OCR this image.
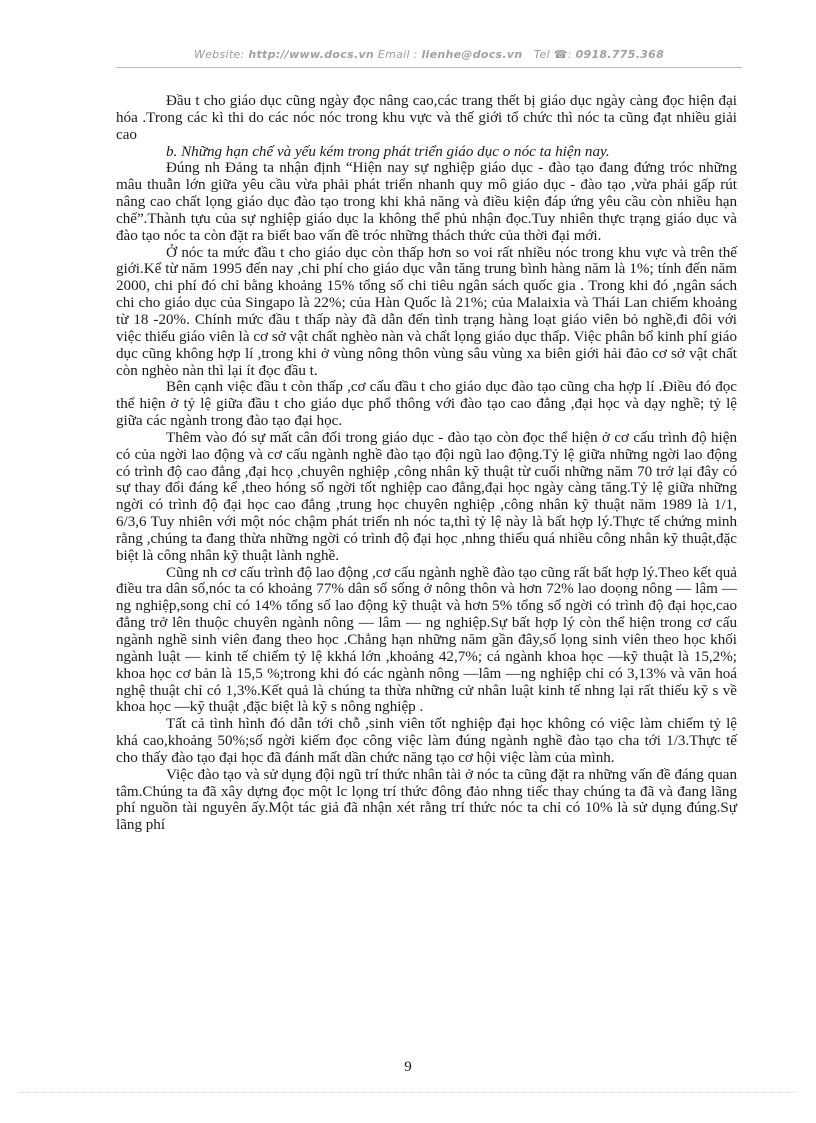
Website: http://www.docs.vn Email : lienhe@docs.vn Tel ☎: 0918.775.368

Đầu t cho giáo dục cũng ngày đọc nâng cao,các trang thết bị giáo dục ngày càng đọc hiện đại hóa .Trong các kì thi do các nóc nóc trong khu vực và thế giới tổ chức thì nóc ta cũng đạt nhiều giải cao

b. Những hạn chế và yếu kém trong phát triển giáo dục o nóc ta hiện nay.

Đúng nh Đảng ta nhận định “Hiện nay sự nghiệp giáo dục - đào tạo đang đứng tróc những mâu thuẫn lớn giữa yêu cầu vừa phải phát triển nhanh quy mô giáo dục - đào tạo ,vừa phải gấp rút nâng cao chất lọng giáo dục đào tạo trong khi khả năng và điều kiện đáp ứng yêu cầu còn nhiều hạn chế”.Thành tựu của sự nghiệp giáo dục la không thể phủ nhận đọc.Tuy nhiên thực trạng giáo dục và đào tạo nóc ta còn đặt ra biết bao vấn đề tróc những thách thức của thời đại mới.

Ở nóc ta mức đầu t cho giáo dục còn thấp hơn so voi rất nhiều nóc trong khu vực và trên thế giới.Kể từ năm 1995 đến nay ,chi phí cho giáo dục vẫn tăng trung bình hàng năm là 1%; tính đến năm 2000, chi phí đó chỉ bằng khoảng 15% tổng số chi tiêu ngân sách quốc gia . Trong khi đó ,ngân sách chi cho giáo dục của Singapo là 22%; của Hàn Quốc là 21%; của Malaixia và Thái Lan chiếm khoảng từ 18 -20%. Chính mức đầu t thấp này đã dẫn đến tình trạng hàng loạt giáo viên bỏ nghề,đi đôi với việc thiếu giáo viên là cơ sở vật chất nghèo nàn và chất lọng giáo dục thấp. Việc phân bổ kinh phí giáo dục cũng không hợp lí ,trong khi ở vùng nông thôn vùng sâu vùng xa biên giới hải đảo cơ sở vật chất còn nghèo nàn thì lại ít đọc đầu t.

Bên cạnh việc đầu t còn thấp ,cơ cấu đầu t cho giáo dục đào tạo cũng cha hợp lí .Điều đó đọc thể hiện ở tỷ lệ giữa đầu t cho giáo dục phổ thông với đào tạo cao đẳng ,đại học và dạy nghề; tỷ lệ giữa các ngành trong đào tạo đại học.

Thêm vào đó sự mất cân đối trong giáo dục - đào tạo còn đọc thể hiện ở cơ cấu trình độ hiện có của ngời lao động và cơ cấu ngành nghề đào tạo đội ngũ lao động.Tỷ lệ giữa những ngời lao động có trình độ cao đẳng ,đại hcọ ,chuyên nghiệp ,công nhân kỹ thuật từ cuối những năm 70 trở lại đây có sự thay đổi đáng kể ,theo hóng số ngời tốt nghiệp cao đẳng,đại học ngày càng tăng.Tỷ lệ giữa những ngời có trình độ đại học cao đẳng ,trung học chuyên nghiệp ,công nhân kỹ thuật năm 1989 là 1/1, 6/3,6 Tuy nhiên với một nóc chậm phát triển nh nóc ta,thì tỷ lệ này là bất hợp lý.Thực tế chứng minh rằng ,chúng ta đang thừa những ngời có trình độ đại học ,nhng thiếu quá nhiều công nhân kỹ thuật,đặc biệt là công nhân kỹ thuật lành nghề.

Cũng nh cơ cấu trình độ lao động ,cơ cấu ngành nghề đào tạo cũng rất bất hợp lý.Theo kết quả điều tra dân số,nóc ta có khoảng 77% dân số sống ở nông thôn và hơn 72% lao doọng nông — lâm — ng nghiệp,song chỉ có 14% tổng số lao động kỹ thuật và hơn 5% tổng số ngời có trình độ đại học,cao đẳng trở lên thuộc chuyên ngành nông — lâm — ng nghiệp.Sự bất hợp lý còn thể hiện trong cơ cấu ngành nghề sinh viên đang theo học .Chẳng hạn những năm gần đây,số lọng sinh viên theo học khối ngành luật — kinh tế chiếm tỷ lệ kkhá lớn ,khoảng 42,7%; cá ngành khoa học —kỹ thuật là 15,2%; khoa học cơ bản là 15,5 %;trong khi đó các ngành nông —lâm —ng nghiệp chỉ có 3,13% và văn hoá nghệ thuật chỉ có 1,3%.Kết quả là chúng ta thừa những cử nhân luật kinh tế nhng lại rất thiếu kỹ s về khoa học —kỹ thuật ,đặc biệt là kỹ s nông nghiệp .

Tất cả tình hình đó dẫn tới chỗ ,sinh viên tốt nghiệp đại học không có việc làm chiếm tỷ lệ khá cao,khoảng 50%;số ngời kiếm đọc công việc làm đúng ngành nghề đào tạo cha tới 1/3.Thực tế cho thấy đào tạo đại học đã đánh mất dần chức năng tạo cơ hội việc làm của mình.

Việc đào tạo và sử dụng đội ngũ trí thức nhân tài ở nóc ta cũng đặt ra những vấn đề đáng quan tâm.Chúng ta đã xây dựng đọc một lc lọng trí thức đông đảo nhng tiếc thay chúng ta đã và đang lãng phí nguồn tài nguyên ấy.Một tác giả đã nhận xét rằng trí thức nóc ta chỉ có 10% là sử dụng đúng.Sự lãng phí

9
